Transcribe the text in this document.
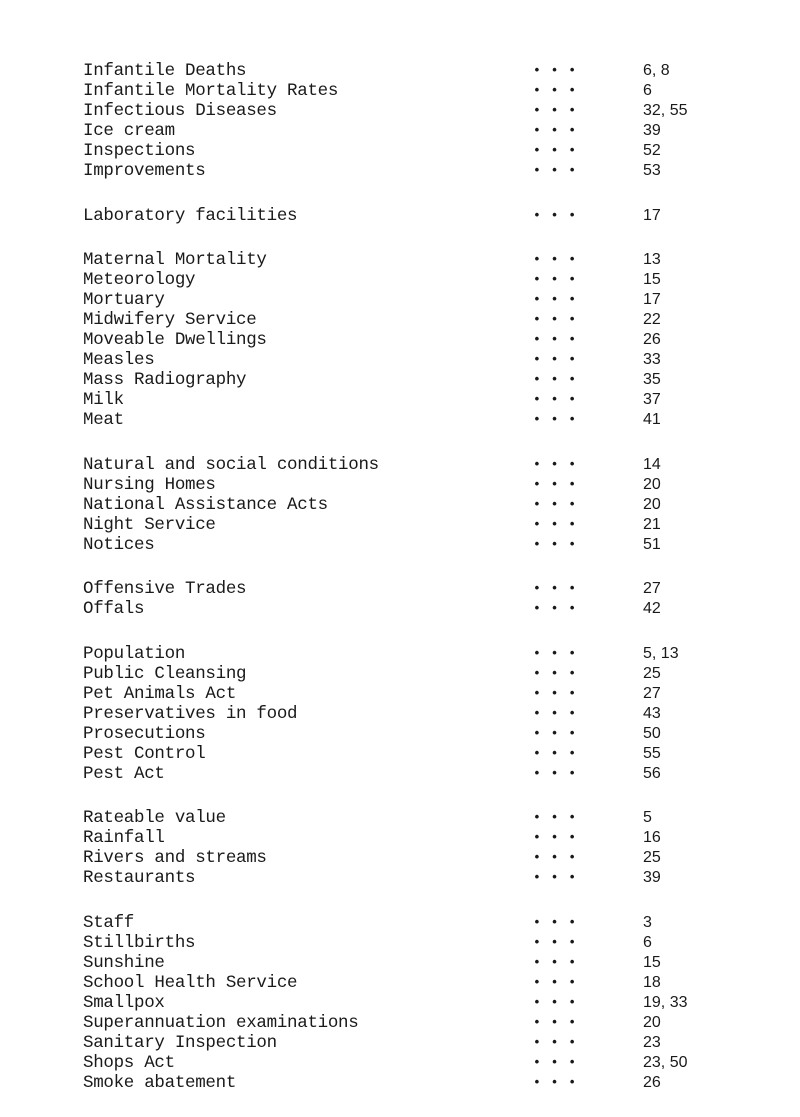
Infantile Deaths	• • •	6, 8
Infantile Mortality Rates	• • •	6
Infectious Diseases	• • •	32, 55
Ice cream	• • •	39
Inspections	• • •	52
Improvements	• • •	53
Laboratory facilities	• • •	17
Maternal Mortality	• • •	13
Meteorology	• • •	15
Mortuary	• • •	17
Midwifery Service	• • •	22
Moveable Dwellings	• • •	26
Measles	• • •	33
Mass Radiography	• • •	35
Milk	• • •	37
Meat	• • •	41
Natural and social conditions	• • •	14
Nursing Homes	• • •	20
National Assistance Acts	• • •	20
Night Service	• • •	21
Notices	• • •	51
Offensive Trades	• • •	27
Offals	• • •	42
Population	• • •	5, 13
Public Cleansing	• • •	25
Pet Animals Act	• • •	27
Preservatives in food	• • •	43
Prosecutions	• • •	50
Pest Control	• • •	55
Pest Act	• • •	56
Rateable value	• • •	5
Rainfall	• • •	16
Rivers and streams	• • •	25
Restaurants	• • •	39
Staff	• • •	3
Stillbirths	• • •	6
Sunshine	• • •	15
School Health Service	• • •	18
Smallpox	• • •	19, 33
Superannuation examinations	• • •	20
Sanitary Inspection	• • •	23
Shops Act	• • •	23, 50
Smoke abatement	• • •	26
